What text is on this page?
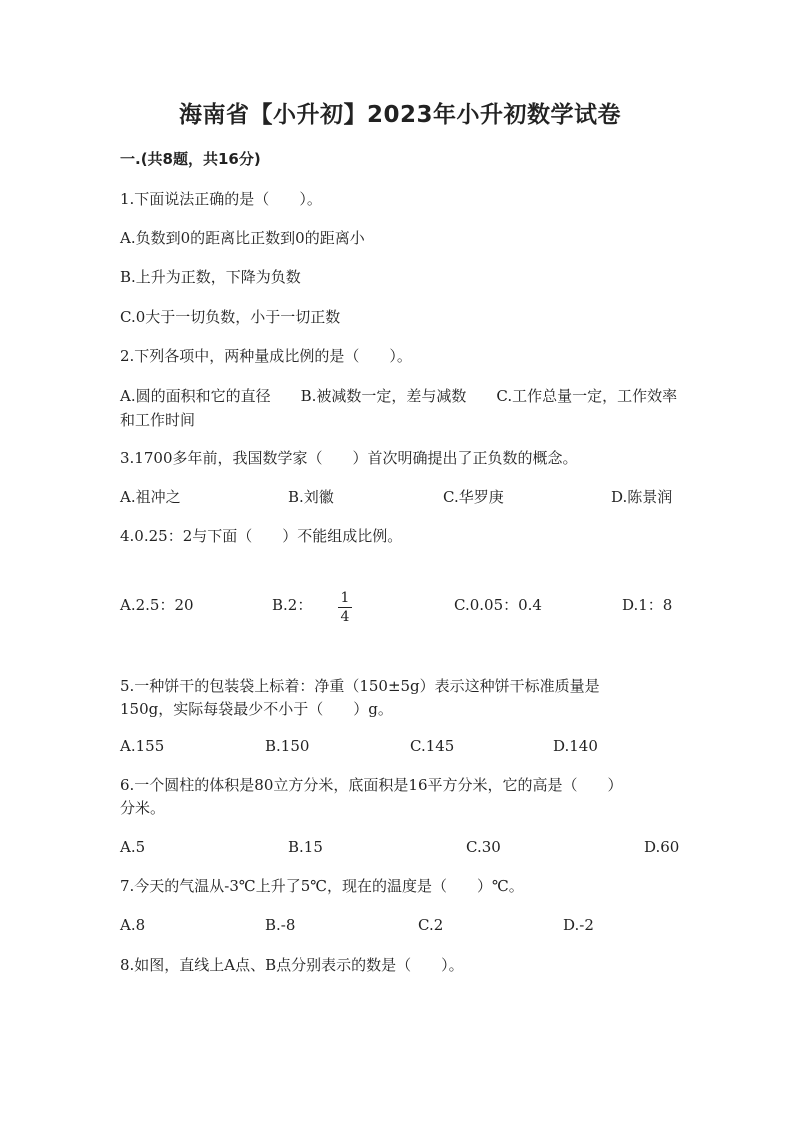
海南省【小升初】2023年小升初数学试卷
一.(共8题，共16分)
1.下面说法正确的是（　　）。
A.负数到0的距离比正数到0的距离小
B.上升为正数，下降为负数
C.0大于一切负数，小于一切正数
2.下列各项中，两种量成比例的是（　　）。
A.圆的面积和它的直径　　B.被减数一定，差与减数　　C.工作总量一定，工作效率和工作时间
3.1700多年前，我国数学家（　　）首次明确提出了正负数的概念。
A.祖冲之	B.刘徽	C.华罗庚	D.陈景润
4.0.25：2与下面（　　）不能组成比例。
A.2.5：20	B.2： 1
4
C.0.05：0.4	D.1：8
5.一种饼干的包装袋上标着：净重（150±5g）表示这种饼干标准质量是
150g，实际每袋最少不小于（　　）g。
A.155	B.150	C.145	D.140
6.一个圆柱的体积是80立方分米，底面积是16平方分米，它的高是（　　）
分米。
A.5	B.15	C.30	D.60
7.今天的气温从-3℃上升了5℃，现在的温度是（　　）℃。
A.8	B.-8	C.2	D.-2
8.如图，直线上A点、B点分别表示的数是（　　）。
